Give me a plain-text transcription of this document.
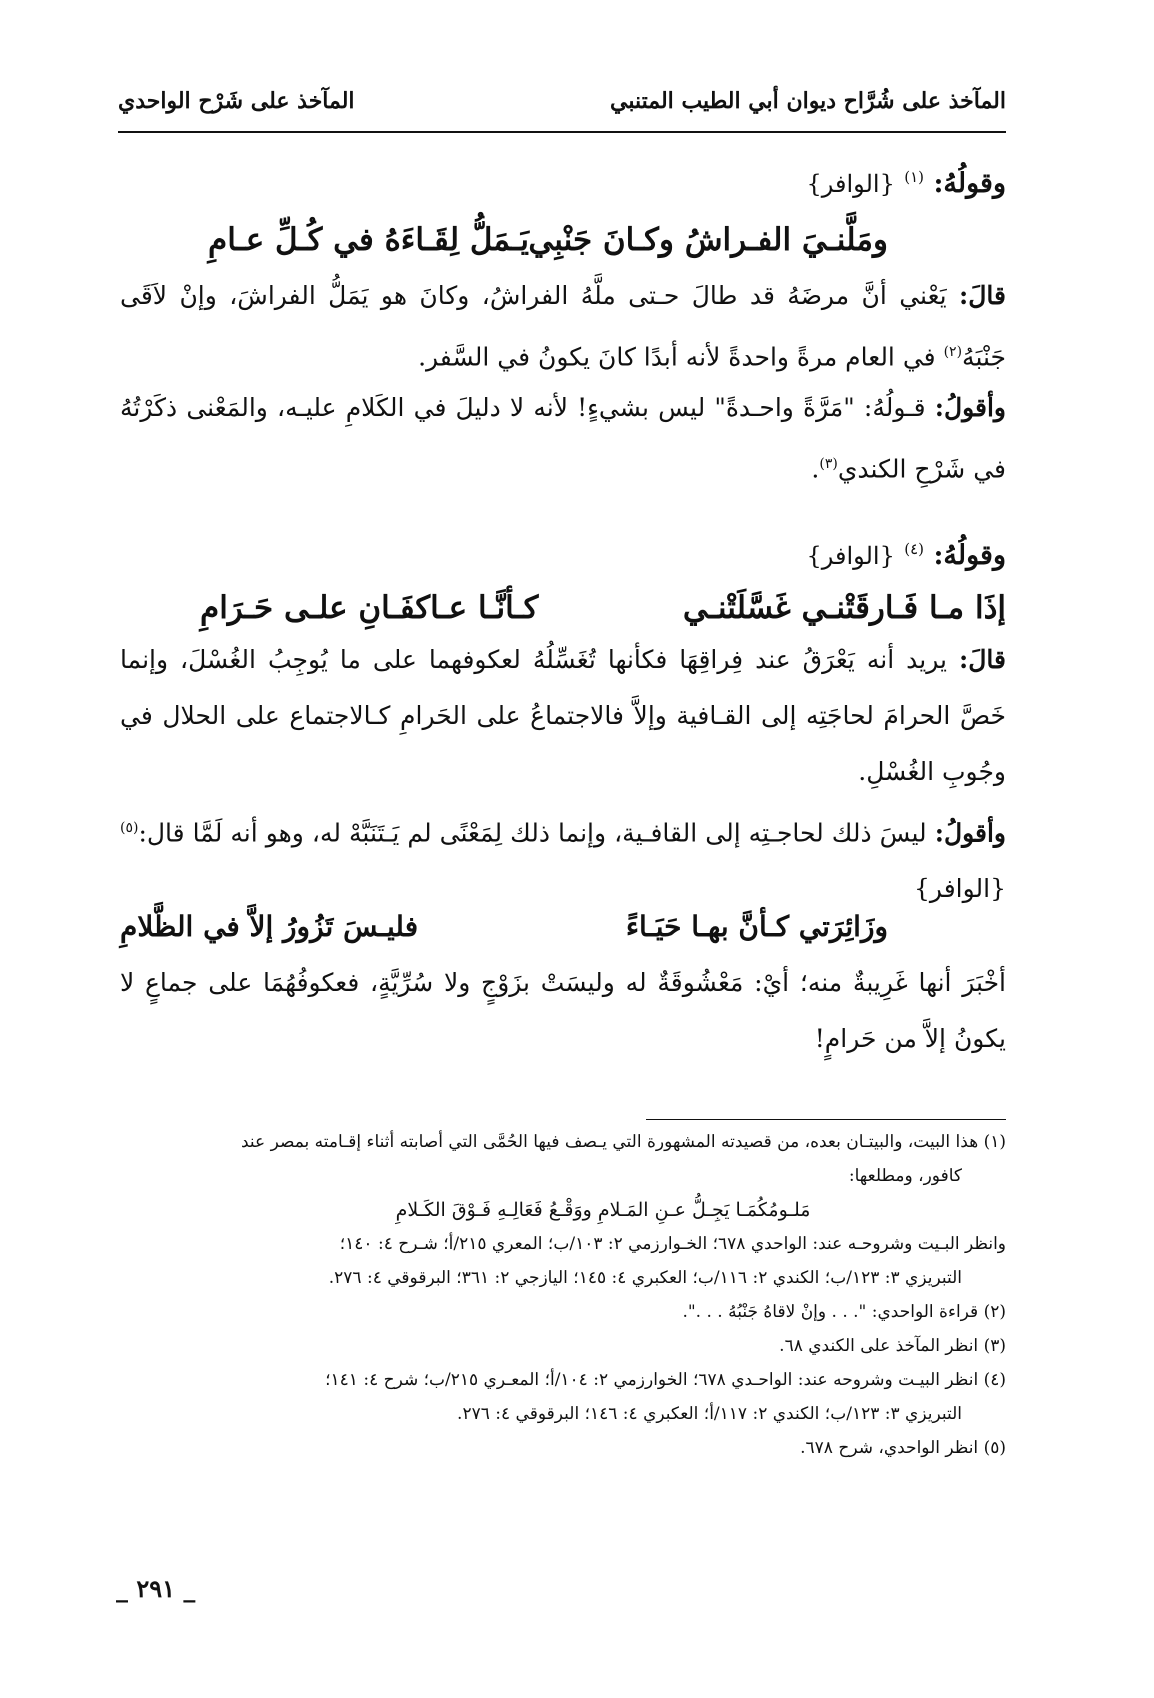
المآخذ على شُرَّاح ديوان أبي الطيب المتنبي
المآخذ على شَرْح الواحدي
وقولُهُ: $^{(١)}$ {الوافر}
ومَلَّنـيَ الفـراشُ وكـانَ جَنْبِي
يَـمَلُّ لِقَـاءَهُ في كُـلِّ عـامِ
قالَ: يَعْني أنَّ مرضَهُ قد طالَ حـتى ملَّهُ الفراشُ، وكانَ هو يَمَلُّ الفراشَ، وإنْ لاَقَى جَنْبَهُ$^{(٢)}$ في العام مرةً واحدةً لأنه أبدًا كانَ يكونُ في السَّفر.
وأقولُ: قـولُهُ: "مَرَّةً واحـدةً" ليس بشيءٍ! لأنه لا دليلَ في الكَلامِ عليـه، والمَعْنى ذكَرْتُهُ في شَرْحِ الكندي$^{(٣)}$.
وقولُهُ: $^{(٤)}$ {الوافر}
إذَا مـا فَـارقَتْنـي غَسَّلَتْنـي
كـأنَّـا عـاكفَـانِ علـى حَـرَامِ
قالَ: يريد أنه يَعْرَقُ عند فِراقِهَا فكأنها تُغَسِّلُهُ لعكوفهما على ما يُوجِبُ الغُسْلَ، وإنما خَصَّ الحرامَ لحاجَتِه إلى القـافية وإلاَّ فالاجتماعُ على الحَرامِ كـالاجتماع على الحلال في وجُوبِ الغُسْلِ.
وأقولُ: ليسَ ذلك لحاجـتِه إلى القافـية، وإنما ذلك لِمَعْنًى لم يَـتَنَبَّهْ له، وهو أنه لَمَّا قال:$^{(٥)}$ {الوافر}
وزَائِرَتي كـأنَّ بهـا حَيَـاءً
فليـسَ تَزُورُ إلاَّ في الظَّلامِ
أخْبَرَ أنها غَرِيبةٌ منه؛ أيْ: مَعْشُوقَةٌ له وليسَتْ بزَوْجٍ ولا سُرِّيَّةٍ، فعكوفُهُمَا على جماعٍ لا يكونُ إلاَّ من حَرامٍ!
(١) هذا البيت، والبيتـان بعده، من قصيدته المشهورة التي يـصف فيها الحُمَّى التي أصابته أثناء إقـامته بمصر عند
كافور، ومطلعها:
مَلـومُكُمَـا يَجِـلُّ عـنِ المَـلامِ ووَقْـعُ فَعَالِـهِ فَـوْقَ الكَـلامِ
وانظر البـيت وشروحـه عند: الواحدي ٦٧٨؛ الخـوارزمي ٢: ١٠٣/ب؛ المعري ٢١٥/أ؛ شـرح ٤: ١٤٠؛
التبريزي ٣: ١٢٣/ب؛ الكندي ٢: ١١٦/ب؛ العكبري ٤: ١٤٥؛ اليازجي ٢: ٣٦١؛ البرقوقي ٤: ٢٧٦.
(٢) قراءة الواحدي: ". . . وإنْ لاقاهُ جَنْبُهُ . . .".
(٣) انظر المآخذ على الكندي ٦٨.
(٤) انظر البيـت وشروحه عند: الواحـدي ٦٧٨؛ الخوارزمي ٢: ١٠٤/أ؛ المعـري ٢١٥/ب؛ شرح ٤: ١٤١؛
التبريزي ٣: ١٢٣/ب؛ الكندي ٢: ١١٧/أ؛ العكبري ٤: ١٤٦؛ البرقوقي ٤: ٢٧٦.
(٥) انظر الواحدي، شرح ٦٧٨.
_ ٢٩١ _
